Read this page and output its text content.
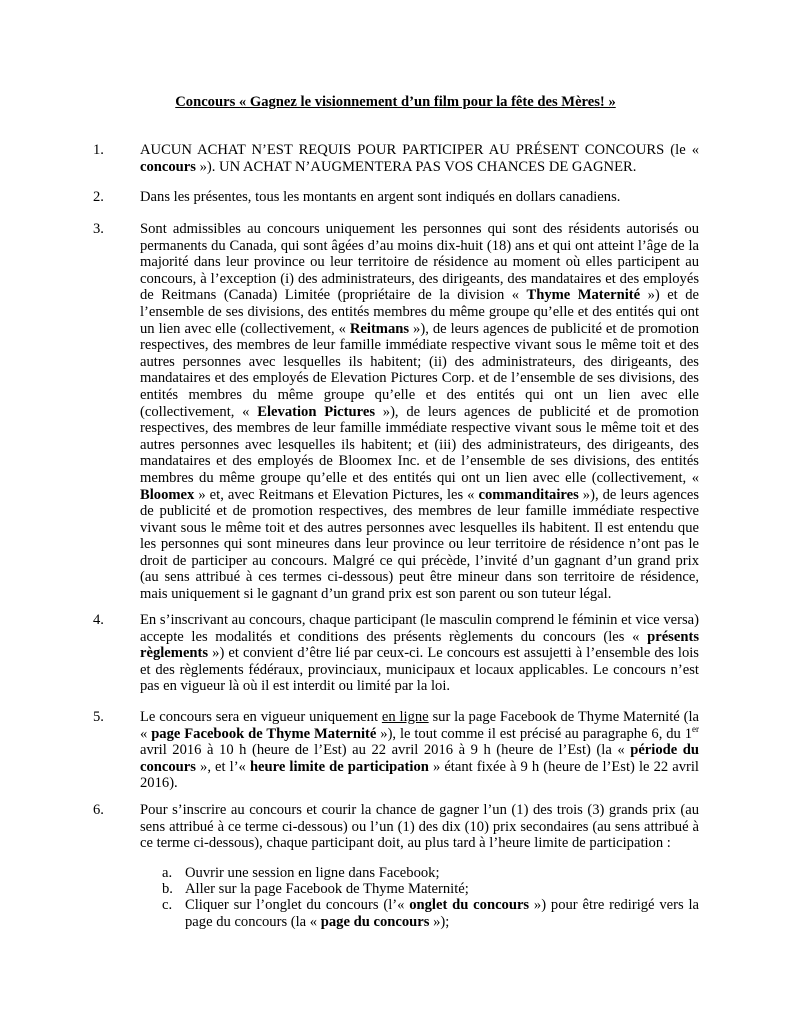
Concours « Gagnez le visionnement d’un film pour la fête des Mères! »
1. AUCUN ACHAT N’EST REQUIS POUR PARTICIPER AU PRÉSENT CONCOURS (le « concours »). UN ACHAT N’AUGMENTERA PAS VOS CHANCES DE GAGNER.
2. Dans les présentes, tous les montants en argent sont indiqués en dollars canadiens.
3. Sont admissibles au concours uniquement les personnes qui sont des résidents autorisés ou permanents du Canada, qui sont âgées d’au moins dix-huit (18) ans et qui ont atteint l’âge de la majorité dans leur province ou leur territoire de résidence au moment où elles participent au concours, à l’exception (i) des administrateurs, des dirigeants, des mandataires et des employés de Reitmans (Canada) Limitée (propriétaire de la division « Thyme Maternité ») et de l’ensemble de ses divisions, des entités membres du même groupe qu’elle et des entités qui ont un lien avec elle (collectivement, « Reitmans »), de leurs agences de publicité et de promotion respectives, des membres de leur famille immédiate respective vivant sous le même toit et des autres personnes avec lesquelles ils habitent; (ii) des administrateurs, des dirigeants, des mandataires et des employés de Elevation Pictures Corp. et de l’ensemble de ses divisions, des entités membres du même groupe qu’elle et des entités qui ont un lien avec elle (collectivement, « Elevation Pictures »), de leurs agences de publicité et de promotion respectives, des membres de leur famille immédiate respective vivant sous le même toit et des autres personnes avec lesquelles ils habitent; et (iii) des administrateurs, des dirigeants, des mandataires et des employés de Bloomex Inc. et de l’ensemble de ses divisions, des entités membres du même groupe qu’elle et des entités qui ont un lien avec elle (collectivement, « Bloomex » et, avec Reitmans et Elevation Pictures, les « commanditaires »), de leurs agences de publicité et de promotion respectives, des membres de leur famille immédiate respective vivant sous le même toit et des autres personnes avec lesquelles ils habitent. Il est entendu que les personnes qui sont mineures dans leur province ou leur territoire de résidence n’ont pas le droit de participer au concours. Malgré ce qui précède, l’invité d’un gagnant d’un grand prix (au sens attribué à ces termes ci-dessous) peut être mineur dans son territoire de résidence, mais uniquement si le gagnant d’un grand prix est son parent ou son tuteur légal.
4. En s’inscrivant au concours, chaque participant (le masculin comprend le féminin et vice versa) accepte les modalités et conditions des présents règlements du concours (les « présents règlements ») et convient d’être lié par ceux-ci. Le concours est assujetti à l’ensemble des lois et des règlements fédéraux, provinciaux, municipaux et locaux applicables. Le concours n’est pas en vigueur là où il est interdit ou limité par la loi.
5. Le concours sera en vigueur uniquement en ligne sur la page Facebook de Thyme Maternité (la « page Facebook de Thyme Maternité »), le tout comme il est précisé au paragraphe 6, du 1er avril 2016 à 10 h (heure de l’Est) au 22 avril 2016 à 9 h (heure de l’Est) (la « période du concours », et l’« heure limite de participation » étant fixée à 9 h (heure de l’Est) le 22 avril 2016).
6. Pour s’inscrire au concours et courir la chance de gagner l’un (1) des trois (3) grands prix (au sens attribué à ce terme ci-dessous) ou l’un (1) des dix (10) prix secondaires (au sens attribué à ce terme ci-dessous), chaque participant doit, au plus tard à l’heure limite de participation :
a. Ouvrir une session en ligne dans Facebook;
b. Aller sur la page Facebook de Thyme Maternité;
c. Cliquer sur l’onglet du concours (l’« onglet du concours ») pour être redirigé vers la page du concours (la « page du concours »);
